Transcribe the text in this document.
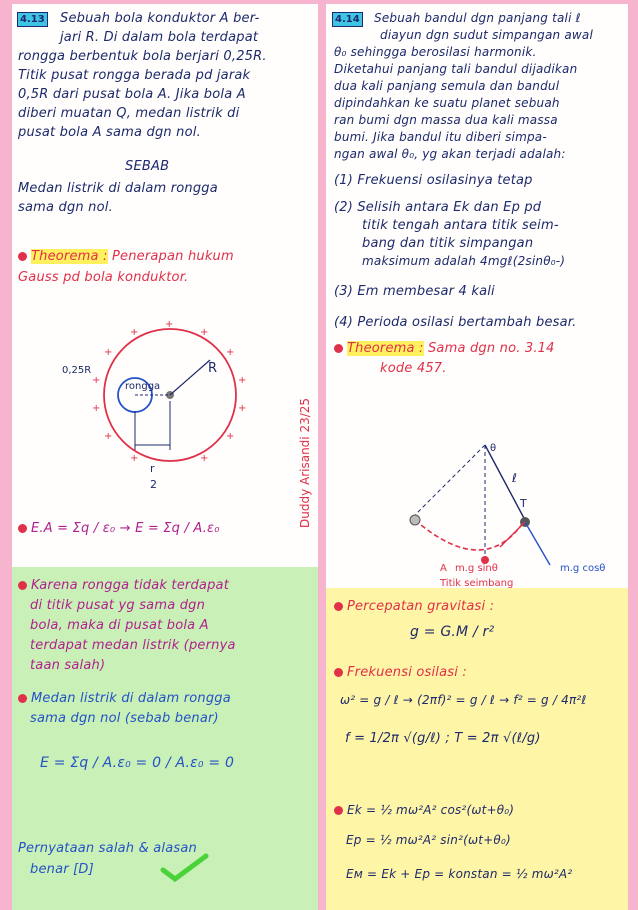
4.13 Sebuah bola konduktor A ber-
jari R. Di dalam bola terdapat
rongga berbentuk bola berjari 0,25R.
Titik pusat rongga berada pd jarak
0,5R dari pusat bola A. Jika bola A
diberi muatan Q, medan listrik di
pusat bola A sama dgn nol.
SEBAB
Medan listrik di dalam rongga
sama dgn nol.
Theorema : Penerapan hukum
Gauss pd bola konduktor.
+
+
+
+
+
+
+
+
+
+
+
+
+
0,25R
rongga
R
r
2	Duddy Arisandi 23/25
E.A = Σq / ε₀ → E = Σq / A.ε₀
Karena rongga tidak terdapat
di titik pusat yg sama dgn
bola, maka di pusat bola A
terdapat medan listrik (pernya
taan salah)
Medan listrik di dalam rongga
sama dgn nol (sebab benar)
E = Σq / A.ε₀ = 0 / A.ε₀ = 0
Pernyataan salah & alasan
benar [D]
4.14 Sebuah bandul dgn panjang tali ℓ
diayun dgn sudut simpangan awal
θ₀ sehingga berosilasi harmonik.
Diketahui panjang tali bandul dijadikan
dua kali panjang semula dan bandul
dipindahkan ke suatu planet sebuah
ran bumi dgn massa dua kali massa
bumi. Jika bandul itu diberi simpa-
ngan awal θ₀, yg akan terjadi adalah:
(1) Frekuensi osilasinya tetap
(2) Selisih antara Ek dan Ep pd
titik tengah antara titik seim-
bang dan titik simpangan
maksimum adalah 4mgℓ(2sinθ₀-)
(3) Em membesar 4 kali
(4) Perioda osilasi bertambah besar.
Theorema : Sama dgn no. 3.14
kode 457.
θ
ℓ
T
A m.g sinθ	m.g cosθ
Titik seimbang
Percepatan gravitasi :
g = G.M / r²
Frekuensi osilasi :
ω² = g / ℓ → (2πf)² = g / ℓ → f² = g / 4π²ℓ
f = 1/2π √(g/ℓ) ; T = 2π √(ℓ/g)
Ek = ½ mω²A² cos²(ωt+θ₀)
Ep = ½ mω²A² sin²(ωt+θ₀)
Eм = Ek + Ep = konstan = ½ mω²A²
